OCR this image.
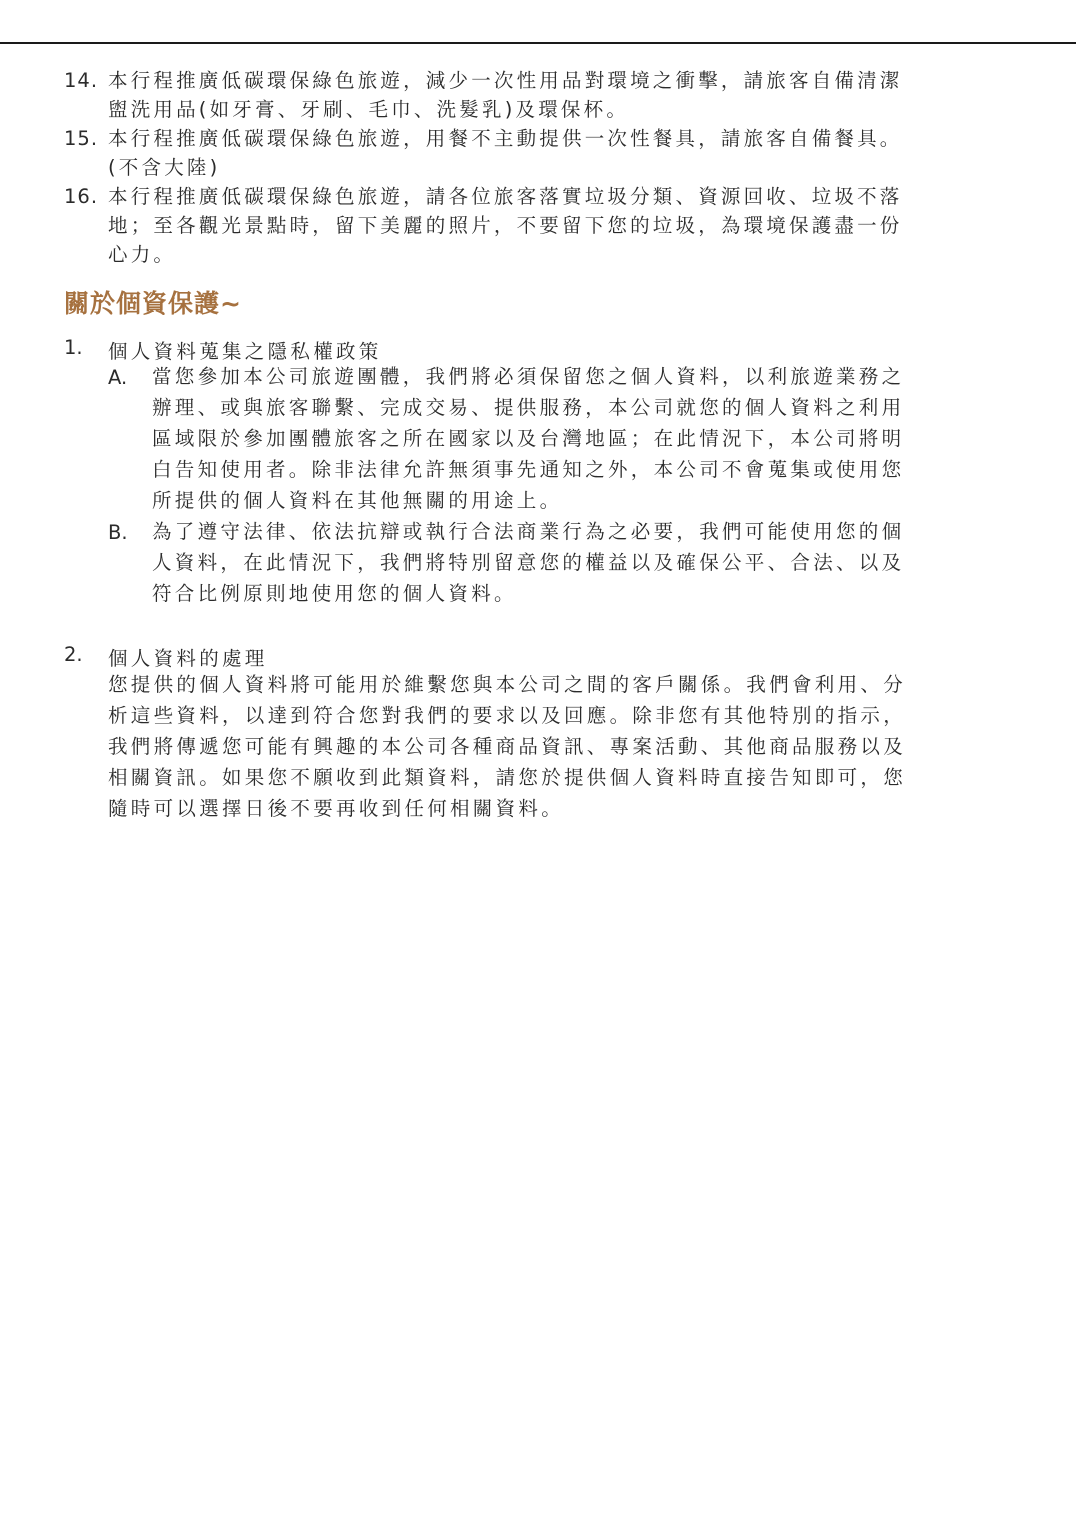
14. 本行程推廣低碳環保綠色旅遊，減少一次性用品對環境之衝擊，請旅客自備清潔
盥洗用品(如牙膏、牙刷、毛巾、洗髮乳)及環保杯。
15. 本行程推廣低碳環保綠色旅遊，用餐不主動提供一次性餐具，請旅客自備餐具。
(不含大陸)
16. 本行程推廣低碳環保綠色旅遊，請各位旅客落實垃圾分類、資源回收、垃圾不落
地；至各觀光景點時，留下美麗的照片，不要留下您的垃圾，為環境保護盡一份
心力。
關於個資保護~
1. 個人資料蒐集之隱私權政策
A. 當您參加本公司旅遊團體，我們將必須保留您之個人資料，以利旅遊業務之
辦理、或與旅客聯繫、完成交易、提供服務，本公司就您的個人資料之利用
區域限於參加團體旅客之所在國家以及台灣地區；在此情況下，本公司將明
白告知使用者。除非法律允許無須事先通知之外，本公司不會蒐集或使用您
所提供的個人資料在其他無關的用途上。
B. 為了遵守法律、依法抗辯或執行合法商業行為之必要，我們可能使用您的個
人資料，在此情況下，我們將特別留意您的權益以及確保公平、合法、以及
符合比例原則地使用您的個人資料。
2. 個人資料的處理
您提供的個人資料將可能用於維繫您與本公司之間的客戶關係。我們會利用、分
析這些資料，以達到符合您對我們的要求以及回應。除非您有其他特別的指示，
我們將傳遞您可能有興趣的本公司各種商品資訊、專案活動、其他商品服務以及
相關資訊。如果您不願收到此類資料，請您於提供個人資料時直接告知即可，您
隨時可以選擇日後不要再收到任何相關資料。
